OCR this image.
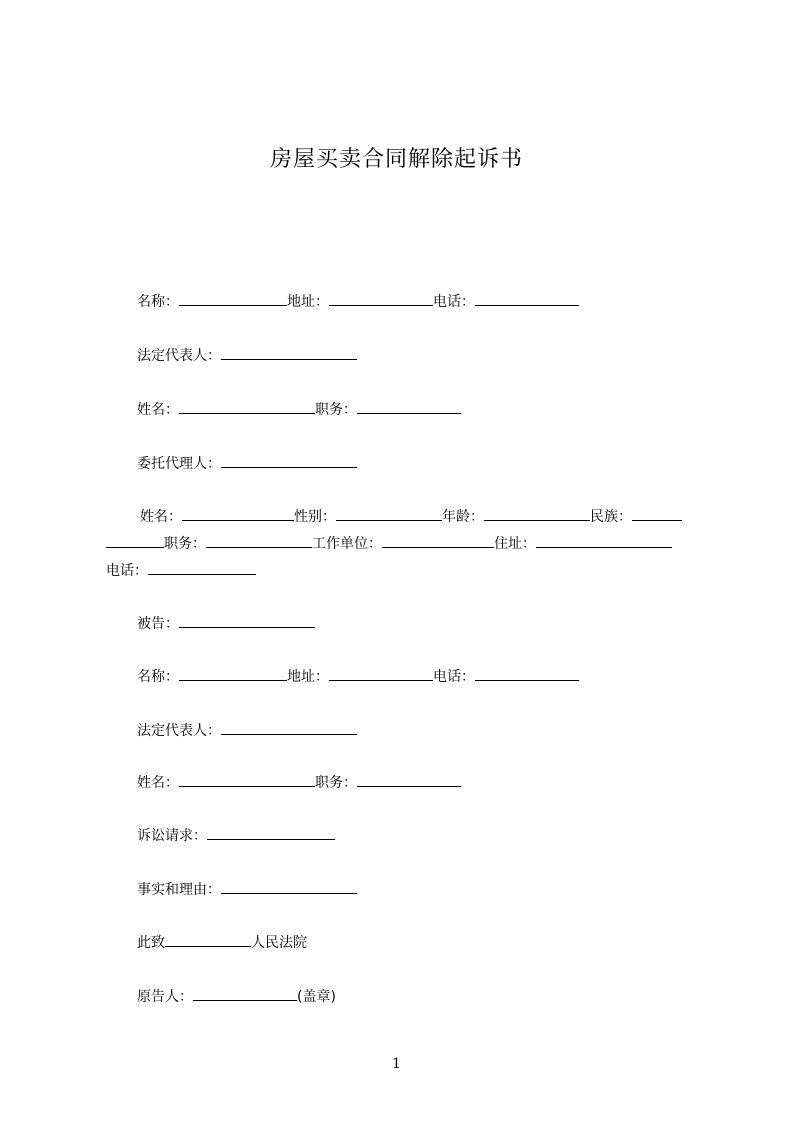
房屋买卖合同解除起诉书
名称：	地址：	电话：
法定代表人：
姓名：	职务：
委托代理人：
姓名：	性别：	年龄：	民族：
职务：	工作单位：	住址：
电话：
被告：
名称：	地址：	电话：
法定代表人：
姓名：	职务：
诉讼请求：
事实和理由：
此致	人民法院
原告人：	(盖章)
1
